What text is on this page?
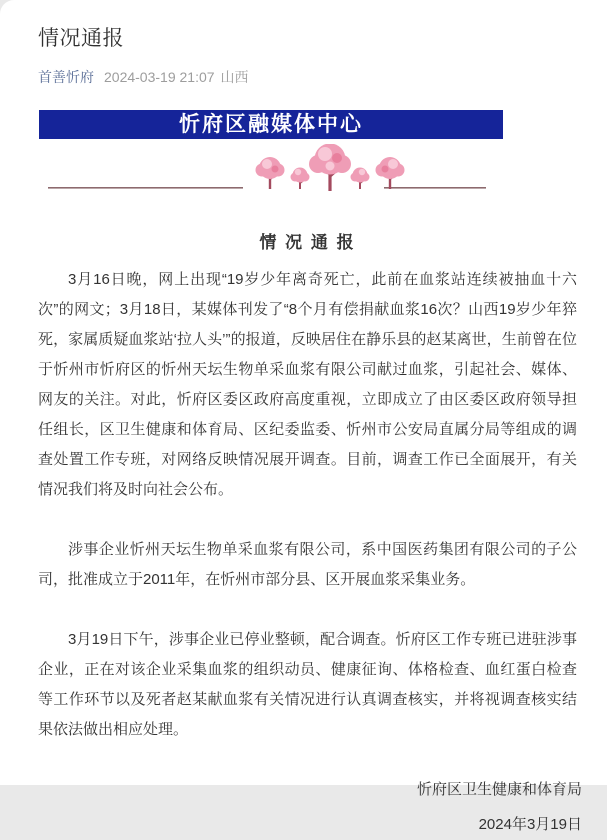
情况通报
首善忻府 2024-03-19 21:07 山西
忻府区融媒体中心
情 况 通 报

3月16日晚，网上出现“19岁少年离奇死亡，此前在血浆站连续被抽血十六次”的网文；3月18日，某媒体刊发了“8个月有偿捐献血浆16次？山西19岁少年猝死，家属质疑血浆站‘拉人头’”的报道，反映居住在静乐县的赵某离世，生前曾在位于忻州市忻府区的忻州天坛生物单采血浆有限公司献过血浆，引起社会、媒体、网友的关注。对此，忻府区委区政府高度重视，立即成立了由区委区政府领导担任组长，区卫生健康和体育局、区纪委监委、忻州市公安局直属分局等组成的调查处置工作专班，对网络反映情况展开调查。目前，调查工作已全面展开，有关情况我们将及时向社会公布。

涉事企业忻州天坛生物单采血浆有限公司，系中国医药集团有限公司的子公司，批准成立于2011年，在忻州市部分县、区开展血浆采集业务。

3月19日下午，涉事企业已停业整顿，配合调查。忻府区工作专班已进驻涉事企业，正在对该企业采集血浆的组织动员、健康征询、体格检查、血红蛋白检查等工作环节以及死者赵某献血浆有关情况进行认真调查核实，并将视调查核实结果依法做出相应处理。

忻府区卫生健康和体育局
2024年3月19日
